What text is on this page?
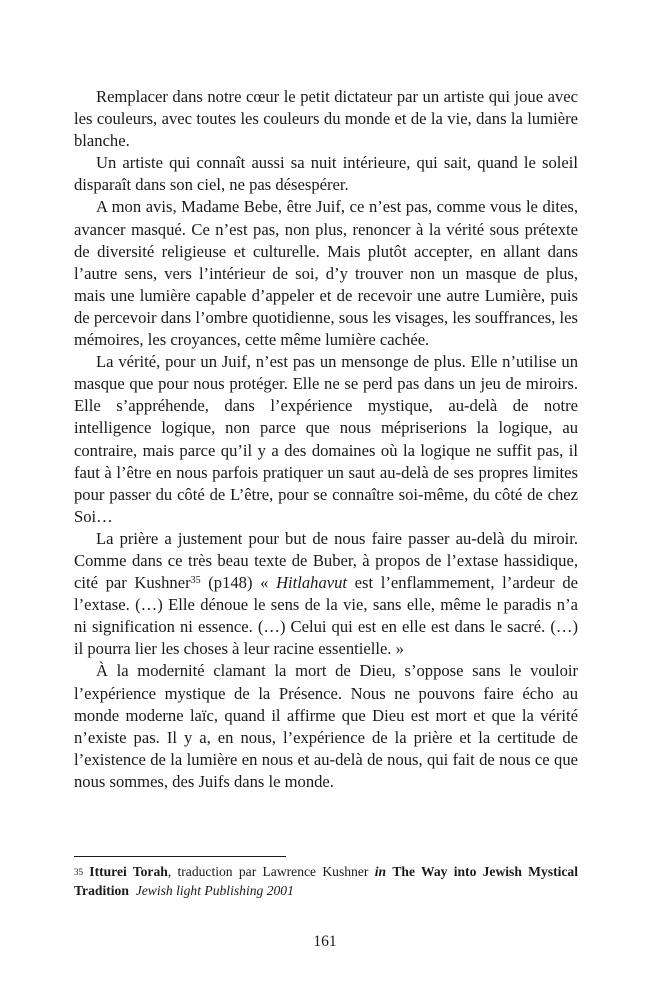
Remplacer dans notre cœur le petit dictateur par un artiste qui joue avec les couleurs, avec toutes les couleurs du monde et de la vie, dans la lumière blanche.

Un artiste qui connaît aussi sa nuit intérieure, qui sait, quand le soleil disparaît dans son ciel, ne pas désespérer.

A mon avis, Madame Bebe, être Juif, ce n’est pas, comme vous le dites, avancer masqué. Ce n’est pas, non plus, renoncer à la vérité sous prétexte de diversité religieuse et culturelle. Mais plutôt accepter, en allant dans l’autre sens, vers l’intérieur de soi, d’y trouver non un masque de plus, mais une lumière capable d’appeler et de recevoir une autre Lumière, puis de percevoir dans l’ombre quotidienne, sous les visages, les souffrances, les mémoires, les croyances, cette même lumière cachée.

La vérité, pour un Juif, n’est pas un mensonge de plus. Elle n’utilise un masque que pour nous protéger. Elle ne se perd pas dans un jeu de miroirs. Elle s’appréhende, dans l’expérience mystique, au-delà de notre intelligence logique, non parce que nous mépriserions la logique, au contraire, mais parce qu’il y a des domaines où la logique ne suffit pas, il faut à l’être en nous parfois pratiquer un saut au-delà de ses propres limites pour passer du côté de L’être, pour se connaître soi-même, du côté de chez Soi…

La prière a justement pour but de nous faire passer au-delà du miroir. Comme dans ce très beau texte de Buber, à propos de l’extase hassidique, cité par Kushner$^{35}$ (p148) « Hitlahavut est l’enflammement, l’ardeur de l’extase. (…) Elle dénoue le sens de la vie, sans elle, même le paradis n’a ni signification ni essence. (…) Celui qui est en elle est dans le sacré. (…) il pourra lier les choses à leur racine essentielle. »

À la modernité clamant la mort de Dieu, s’oppose sans le vouloir l’expérience mystique de la Présence. Nous ne pouvons faire écho au monde moderne laïc, quand il affirme que Dieu est mort et que la vérité n’existe pas. Il y a, en nous, l’expérience de la prière et la certitude de l’existence de la lumière en nous et au-delà de nous, qui fait de nous ce que nous sommes, des Juifs dans le monde.

$^{35}$ Itturei Torah, traduction par Lawrence Kushner in The Way into Jewish Mystical Tradition Jewish light Publishing 2001
161
